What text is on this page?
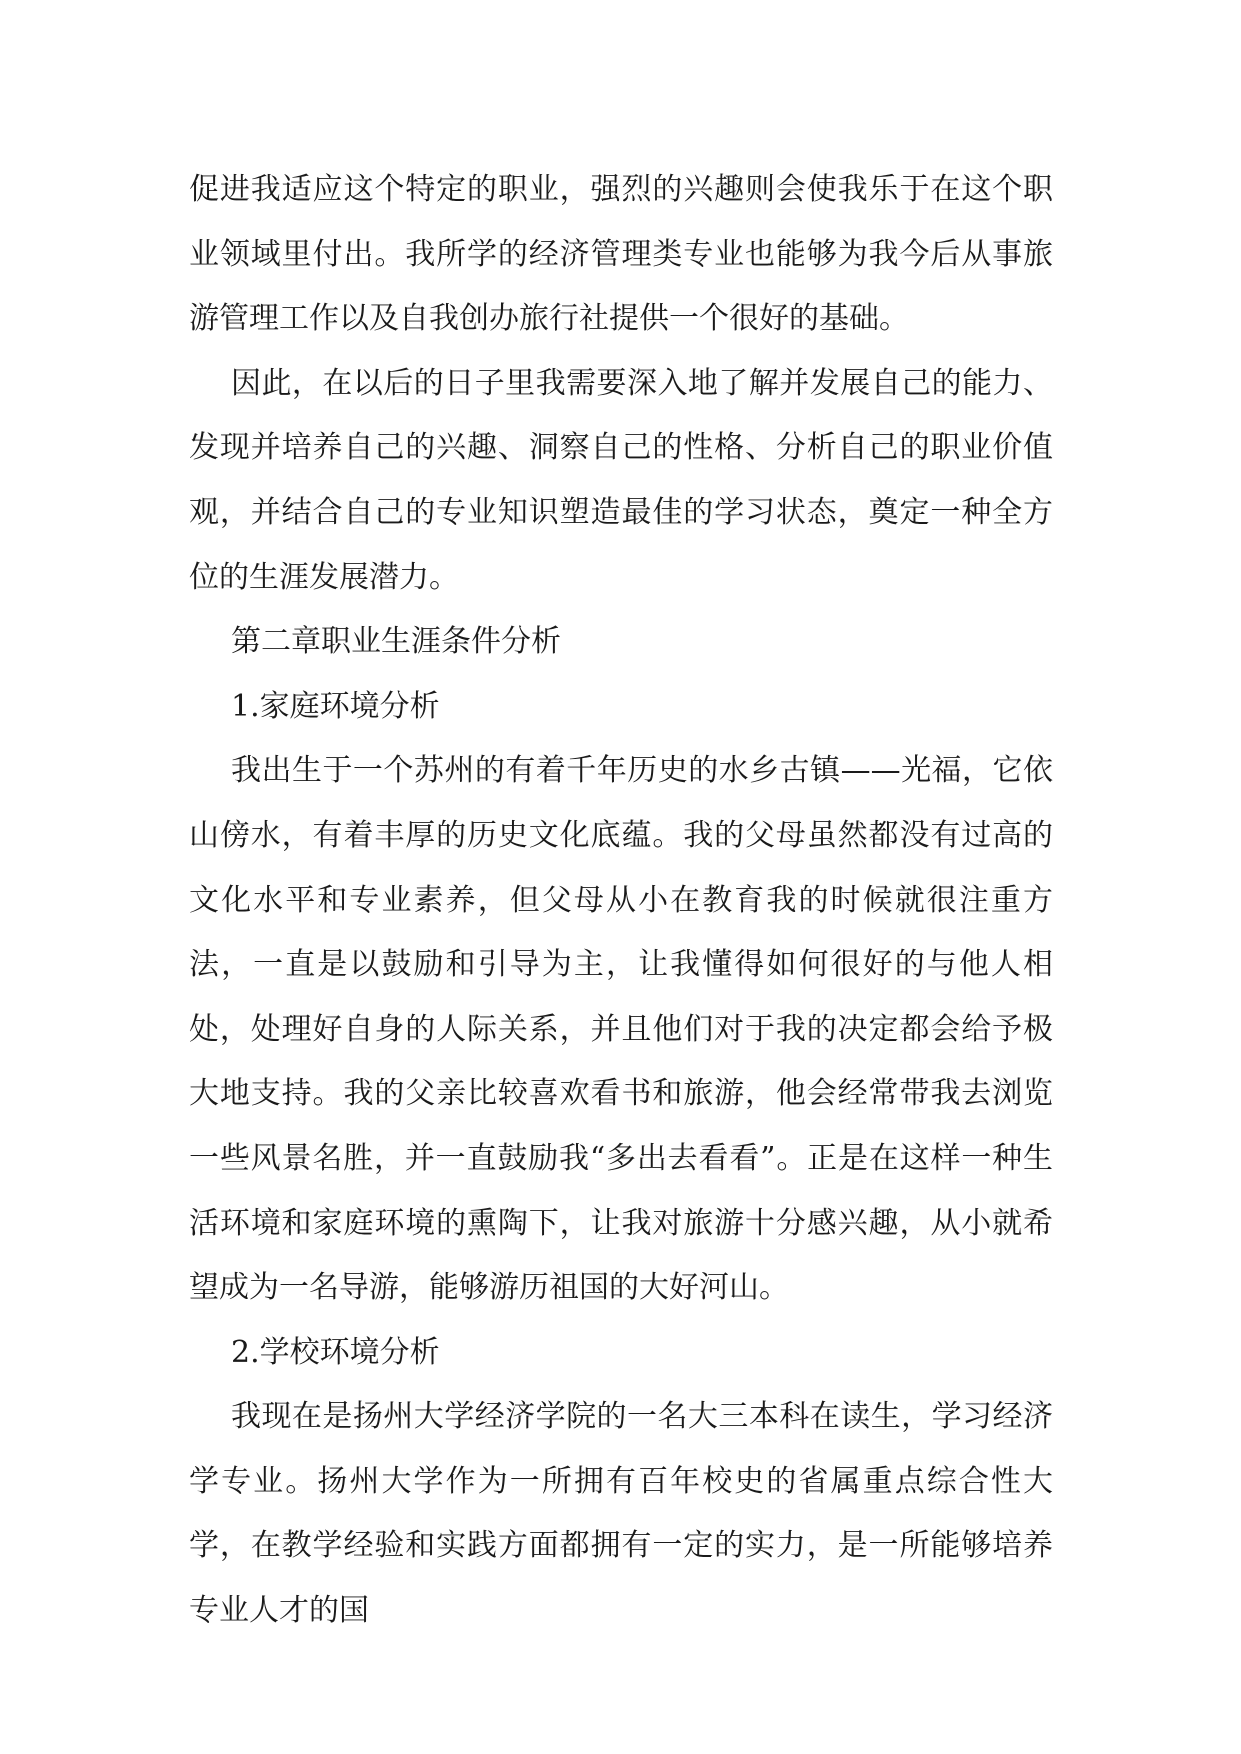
促进我适应这个特定的职业，强烈的兴趣则会使我乐于在这个职业领域里付出。我所学的经济管理类专业也能够为我今后从事旅游管理工作以及自我创办旅行社提供一个很好的基础。

因此，在以后的日子里我需要深入地了解并发展自己的能力、发现并培养自己的兴趣、洞察自己的性格、分析自己的职业价值观，并结合自己的专业知识塑造最佳的学习状态，奠定一种全方位的生涯发展潜力。

第二章职业生涯条件分析

1.家庭环境分析

我出生于一个苏州的有着千年历史的水乡古镇——光福，它依山傍水，有着丰厚的历史文化底蕴。我的父母虽然都没有过高的文化水平和专业素养，但父母从小在教育我的时候就很注重方法，一直是以鼓励和引导为主，让我懂得如何很好的与他人相处，处理好自身的人际关系，并且他们对于我的决定都会给予极大地支持。我的父亲比较喜欢看书和旅游，他会经常带我去浏览一些风景名胜，并一直鼓励我“多出去看看”。正是在这样一种生活环境和家庭环境的熏陶下，让我对旅游十分感兴趣，从小就希望成为一名导游，能够游历祖国的大好河山。

2.学校环境分析

我现在是扬州大学经济学院的一名大三本科在读生，学习经济学专业。扬州大学作为一所拥有百年校史的省属重点综合性大学，在教学经验和实践方面都拥有一定的实力，是一所能够培养专业人才的国
